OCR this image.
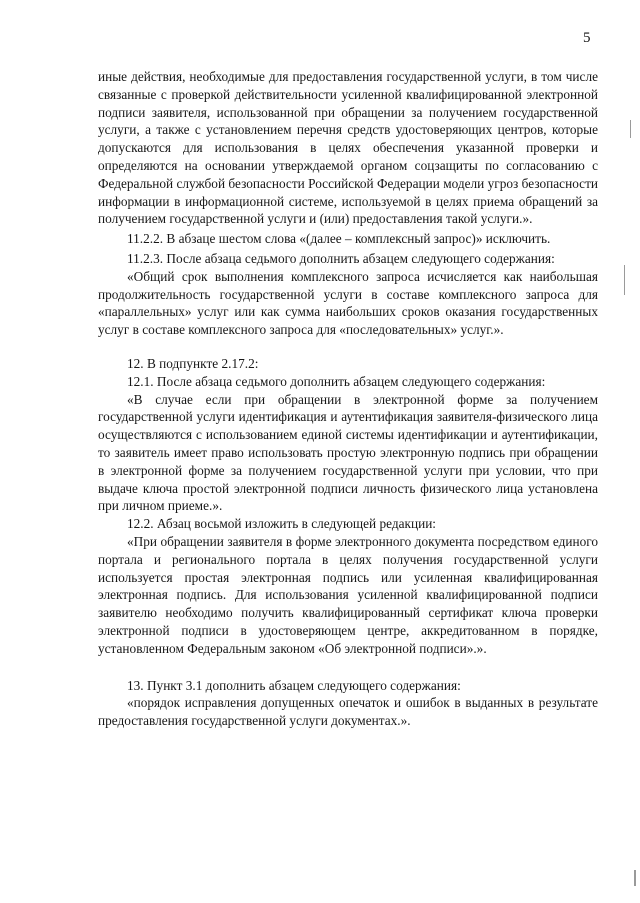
5

иные действия, необходимые для предоставления государственной услуги, в том числе связанные с проверкой действительности усиленной квалифицированной электронной подписи заявителя, использованной при обращении за получением государственной услуги, а также с установлением перечня средств удостоверяющих центров, которые допускаются для использования в целях обеспечения указанной проверки и определяются на основании утверждаемой органом соцзащиты по согласованию с Федеральной службой безопасности Российской Федерации модели угроз безопасности информации в информационной системе, используемой в целях приема обращений за получением государственной услуги и (или) предоставления такой услуги.».

11.2.2. В абзаце шестом слова «(далее – комплексный запрос)» исключить.

11.2.3. После абзаца седьмого дополнить абзацем следующего содержания:

«Общий срок выполнения комплексного запроса исчисляется как наибольшая продолжительность государственной услуги в составе комплексного запроса для «параллельных» услуг или как сумма наибольших сроков оказания государственных услуг в составе комплексного запроса для «последовательных» услуг.».

12. В подпункте 2.17.2:

12.1. После абзаца седьмого дополнить абзацем следующего содержания:

«В случае если при обращении в электронной форме за получением государственной услуги идентификация и аутентификация заявителя-физического лица осуществляются с использованием единой системы идентификации и аутентификации, то заявитель имеет право использовать простую электронную подпись при обращении в электронной форме за получением государственной услуги при условии, что при выдаче ключа простой электронной подписи личность физического лица установлена при личном приеме.».

12.2. Абзац восьмой изложить в следующей редакции:

«При обращении заявителя в форме электронного документа посредством единого портала и регионального портала в целях получения государственной услуги используется простая электронная подпись или усиленная квалифицированная электронная подпись. Для использования усиленной квалифицированной подписи заявителю необходимо получить квалифицированный сертификат ключа проверки электронной подписи в удостоверяющем центре, аккредитованном в порядке, установленном Федеральным законом «Об электронной подписи».».

13. Пункт 3.1 дополнить абзацем следующего содержания:

«порядок исправления допущенных опечаток и ошибок в выданных в результате предоставления государственной услуги документах.».
